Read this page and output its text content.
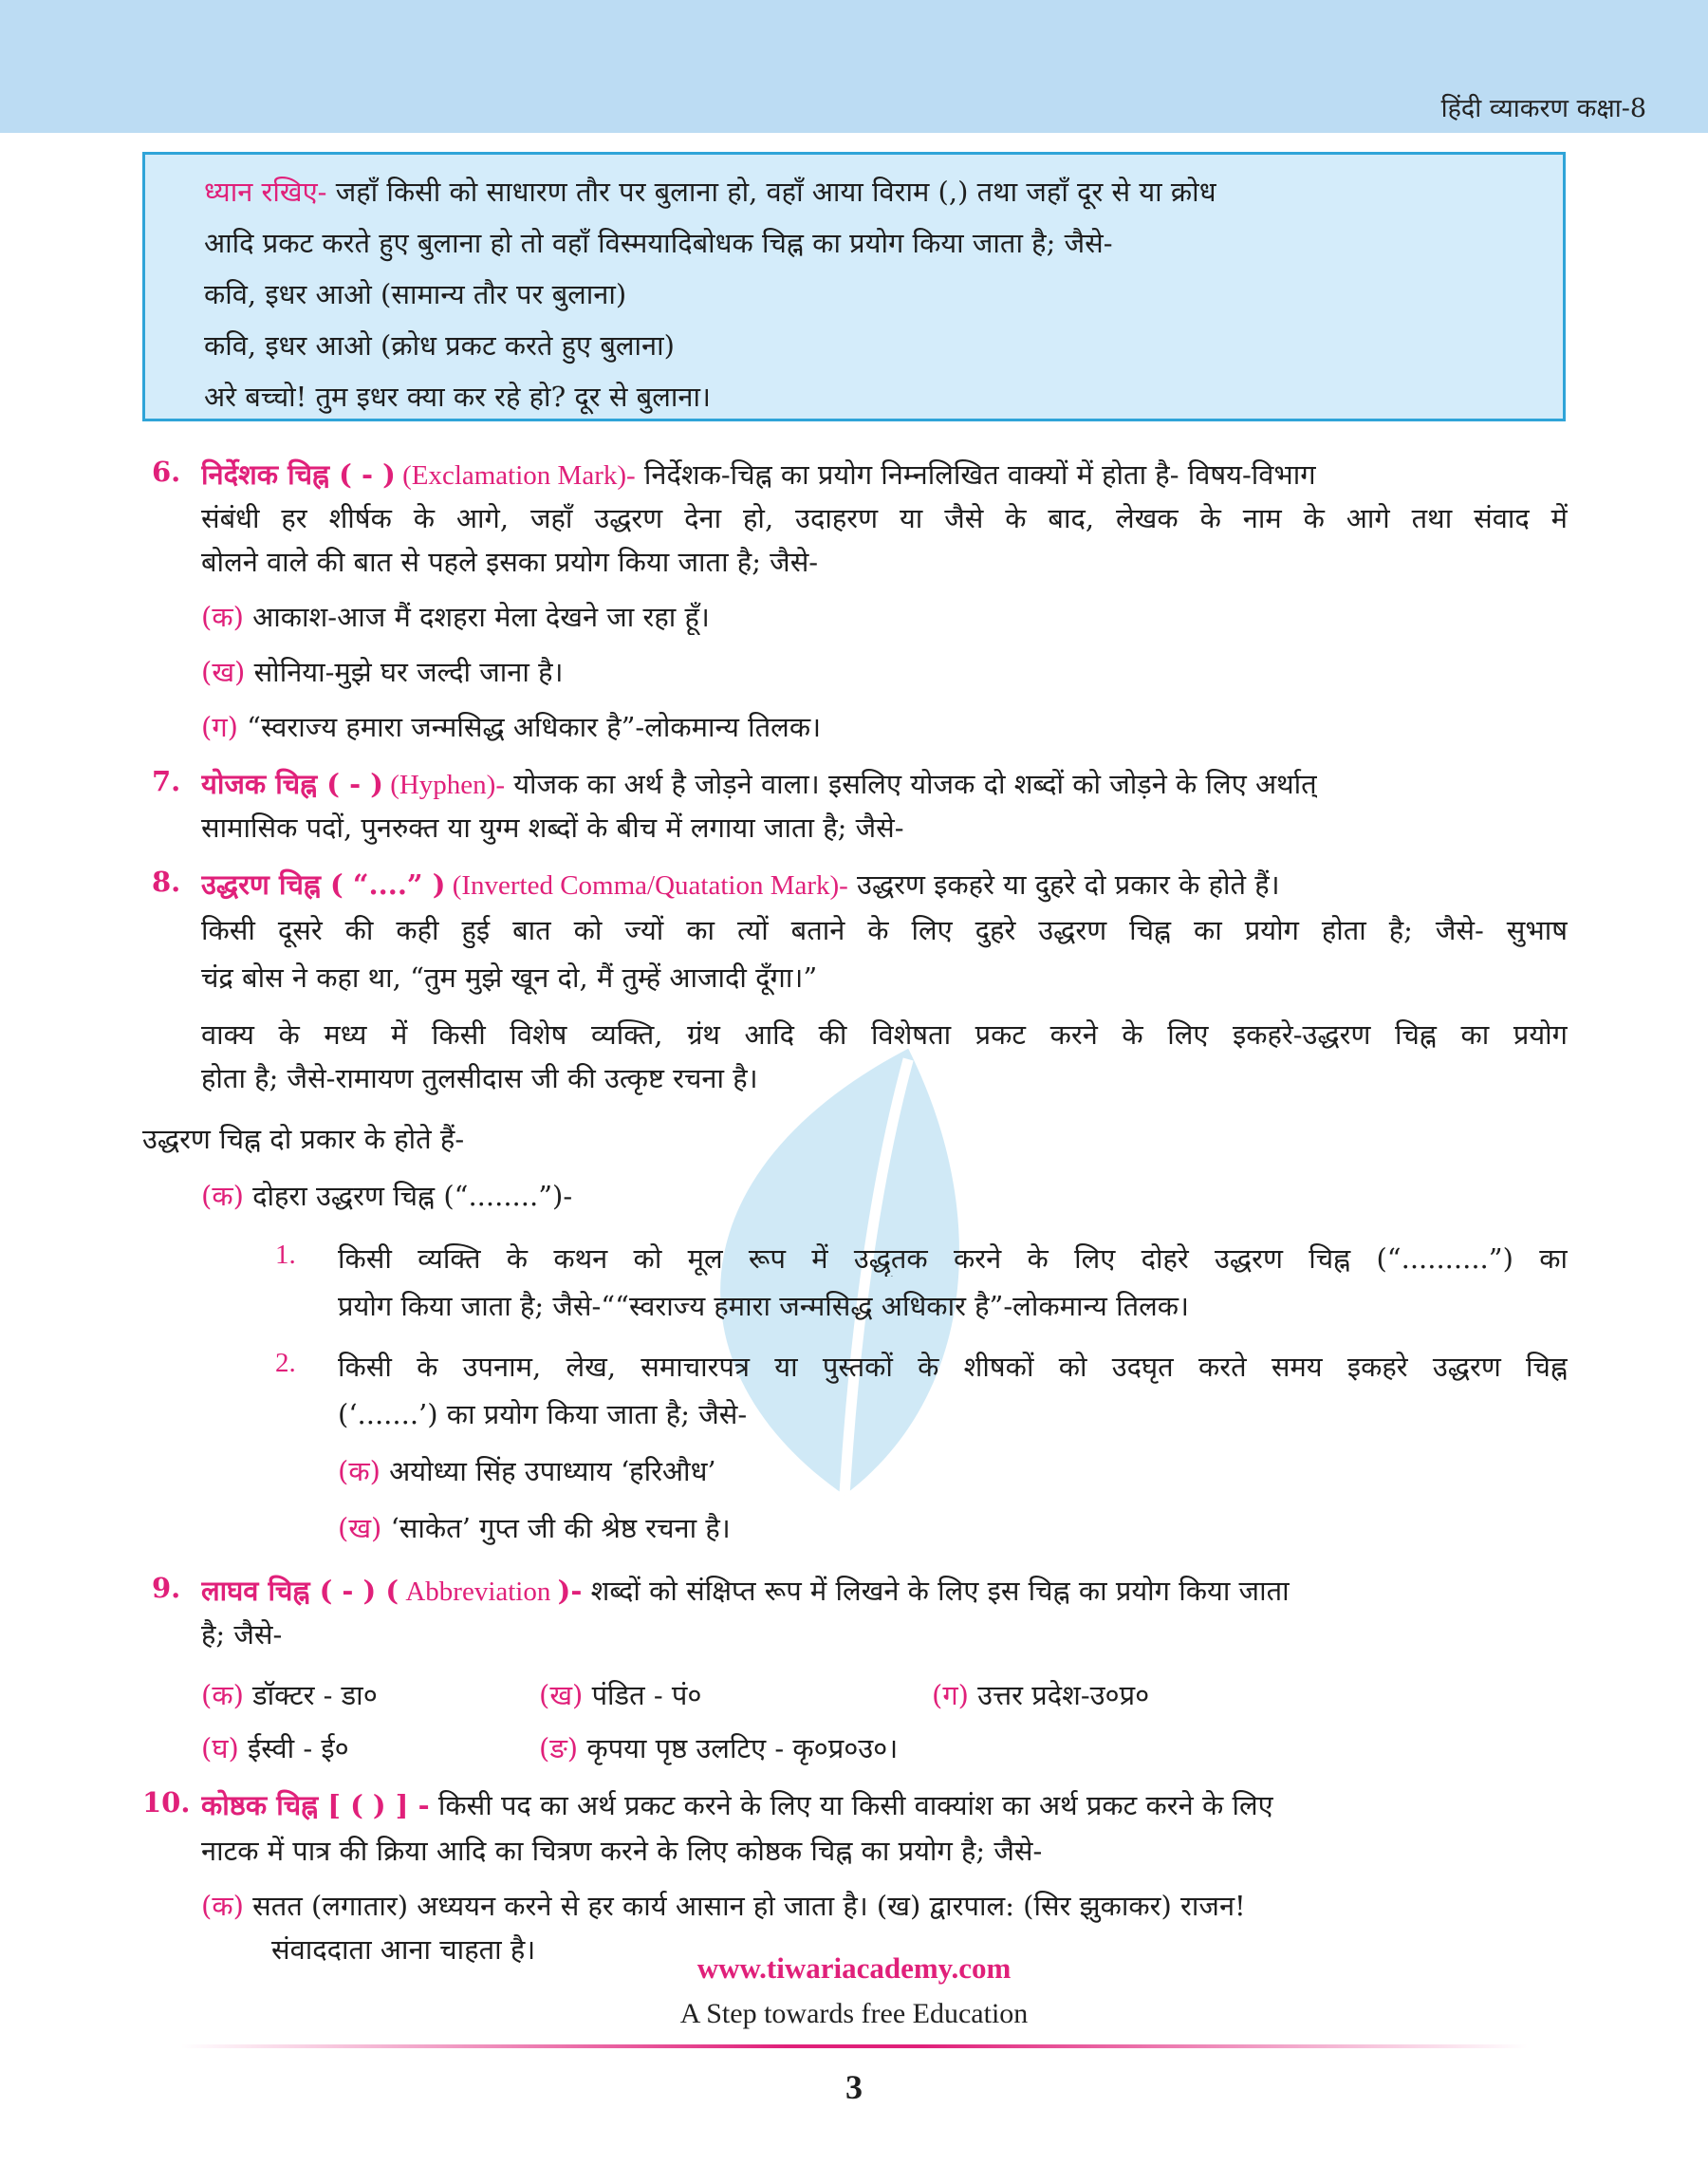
हिंदी व्याकरण कक्षा-8
ध्यान रखिए- जहाँ किसी को साधारण तौर पर बुलाना हो, वहाँ आया विराम (,) तथा जहाँ दूर से या क्रोध
आदि प्रकट करते हुए बुलाना हो तो वहाँ विस्मयादिबोधक चिह्न का प्रयोग किया जाता है; जैसे-
कवि, इधर आओ (सामान्य तौर पर बुलाना)
कवि, इधर आओ (क्रोध प्रकट करते हुए बुलाना)
अरे बच्चो! तुम इधर क्या कर रहे हो? दूर से बुलाना।
6. निर्देशक चिह्न ( - ) (Exclamation Mark)- निर्देशक-चिह्न का प्रयोग निम्नलिखित वाक्यों में होता है- विषय-विभाग
संबंधी हर शीर्षक के आगे, जहाँ उद्धरण देना हो, उदाहरण या जैसे के बाद, लेखक के नाम के आगे तथा संवाद में
बोलने वाले की बात से पहले इसका प्रयोग किया जाता है; जैसे-
(क) आकाश-आज मैं दशहरा मेला देखने जा रहा हूँ।
(ख) सोनिया-मुझे घर जल्दी जाना है।
(ग) “स्वराज्य हमारा जन्मसिद्ध अधिकार है”-लोकमान्य तिलक।
7. योजक चिह्न ( - ) (Hyphen)- योजक का अर्थ है जोड़ने वाला। इसलिए योजक दो शब्दों को जोड़ने के लिए अर्थात्
सामासिक पदों, पुनरुक्त या युग्म शब्दों के बीच में लगाया जाता है; जैसे-
8. उद्धरण चिह्न ( “....” ) (Inverted Comma/Quatation Mark)- उद्धरण इकहरे या दुहरे दो प्रकार के होते हैं।
किसी दूसरे की कही हुई बात को ज्यों का त्यों बताने के लिए दुहरे उद्धरण चिह्न का प्रयोग होता है; जैसे- सुभाष
चंद्र बोस ने कहा था, “तुम मुझे खून दो, मैं तुम्हें आजादी दूँगा।”
वाक्य के मध्य में किसी विशेष व्यक्ति, ग्रंथ आदि की विशेषता प्रकट करने के लिए इकहरे-उद्धरण चिह्न का प्रयोग
होता है; जैसे-रामायण तुलसीदास जी की उत्कृष्ट रचना है।
उद्धरण चिह्न दो प्रकार के होते हैं-
(क) दोहरा उद्धरण चिह्न (“........”)-
1. किसी व्यक्ति के कथन को मूल रूप में उद्धृतक करने के लिए दोहरे उद्धरण चिह्न (“..........”) का
प्रयोग किया जाता है; जैसे-““स्वराज्य हमारा जन्मसिद्ध अधिकार है”-लोकमान्य तिलक।
2. किसी के उपनाम, लेख, समाचारपत्र या पुस्तकों के शीषकों को उदघृत करते समय इकहरे उद्धरण चिह्न
(‘.......’) का प्रयोग किया जाता है; जैसे-
(क) अयोध्या सिंह उपाध्याय ‘हरिऔध’
(ख) ‘साकेत’ गुप्त जी की श्रेष्ठ रचना है।
9. लाघव चिह्न ( - ) ( Abbreviation )- शब्दों को संक्षिप्त रूप में लिखने के लिए इस चिह्न का प्रयोग किया जाता
है; जैसे-
(क) डॉक्टर - डा०	(ख) पंडित - पं०	(ग) उत्तर प्रदेश-उ०प्र०
(घ) ईस्वी - ई०	(ङ) कृपया पृष्ठ उलटिए - कृ०प्र०उ०।
10. कोष्ठक चिह्न [ ( ) ] - किसी पद का अर्थ प्रकट करने के लिए या किसी वाक्यांश का अर्थ प्रकट करने के लिए
नाटक में पात्र की क्रिया आदि का चित्रण करने के लिए कोष्ठक चिह्न का प्रयोग है; जैसे-
(क) सतत (लगातार) अध्ययन करने से हर कार्य आसान हो जाता है। (ख) द्वारपाल: (सिर झुकाकर) राजन!
संवाददाता आना चाहता है।
www.tiwariacademy.com
A Step towards free Education
3
